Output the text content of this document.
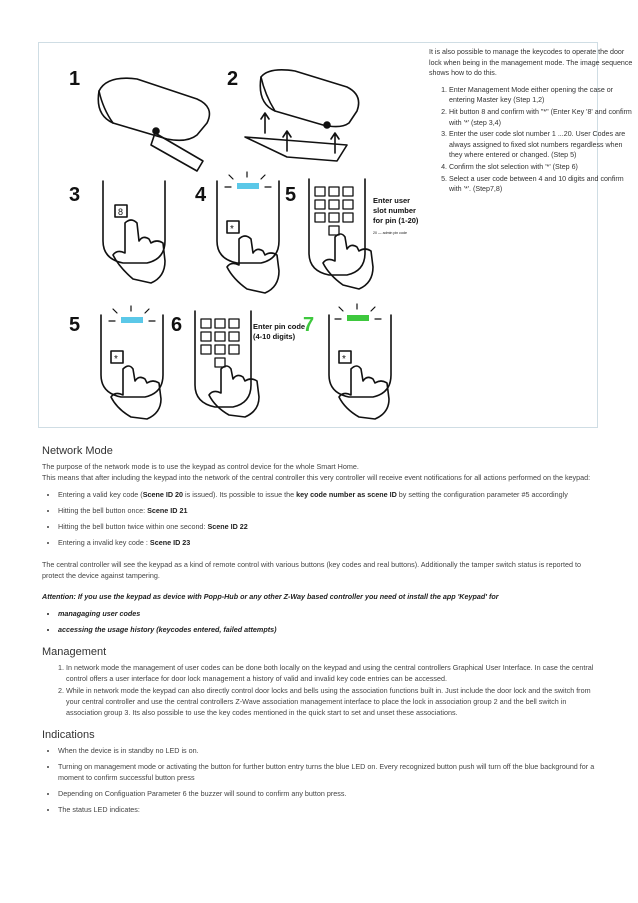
1	2
3
8
4
*
5	Enter user
slot number
for pin (1-20)
20 — admin pin code
5
*
6	Enter pin code
(4-10 digits)
7
*

It is also possible to manage the keycodes to operate the door lock when being in the management mode. The image sequence shows how to do this.

1. Enter Management Mode either opening the case or entering Master key (Step 1,2)
2. Hit button 8 and confirm with "*" (Enter Key '8' and confirm with '*' (step 3,4)
3. Enter the user code slot number 1 ...20. User Codes are always assigned to fixed slot numbers regardless when they where entered or changed. (Step 5)
4. Confirm the slot selection with '*' (Step 6)
5. Select a user code between 4 and 10 digits and confirm with '*'. (Step7,8)
Network Mode

The purpose of the network mode is to use the keypad as control device for the whole Smart Home.

This means that after including the keypad into the network of the central controller this very controller will receive event notifications for all actions performed on the keypad:

• Entering a valid key code (Scene ID 20 is issued). Its possible to issue the key code number as scene ID by setting the configuration parameter #5 accordingly
• Hitting the bell button once: Scene ID 21
• Hitting the bell button twice within one second: Scene ID 22
• Entering a invalid key code : Scene ID 23

The central controller will see the keypad as a kind of remote control with various buttons (key codes and real buttons). Additionally the tamper switch status is reported to protect the device against tampering.

Attention: If you use the keypad as device with Popp-Hub or any other Z-Way based controller you need ot install the app 'Keypad' for

• managaging user codes
• accessing the usage history (keycodes entered, failed attempts)
Management
1. In network mode the management of user codes can be done both locally on the keypad and using the central controllers Graphical User Interface. In case the central control offers a user interface for door lock management a history of valid and invalid key code entries can be accessed.
2. While in network mode the keypad can also directly control door locks and bells using the association functions built in. Just include the door lock and the switch from your central controller and use the central controllers Z-Wave association management interface to place the lock in association group 2 and the bell switch in association group 3. Its also possible to use the key codes mentioned in the quick start to set and unset these associations.
Indications
• When the device is in standby no LED is on.
• Turning on management mode or activating the button for further button entry turns the blue LED on. Every recognized button push will turn off the blue background for a moment to confirm successful button press
• Depending on Configuation Parameter 6 the buzzer will sound to confirm any button press.
• The status LED indicates:
